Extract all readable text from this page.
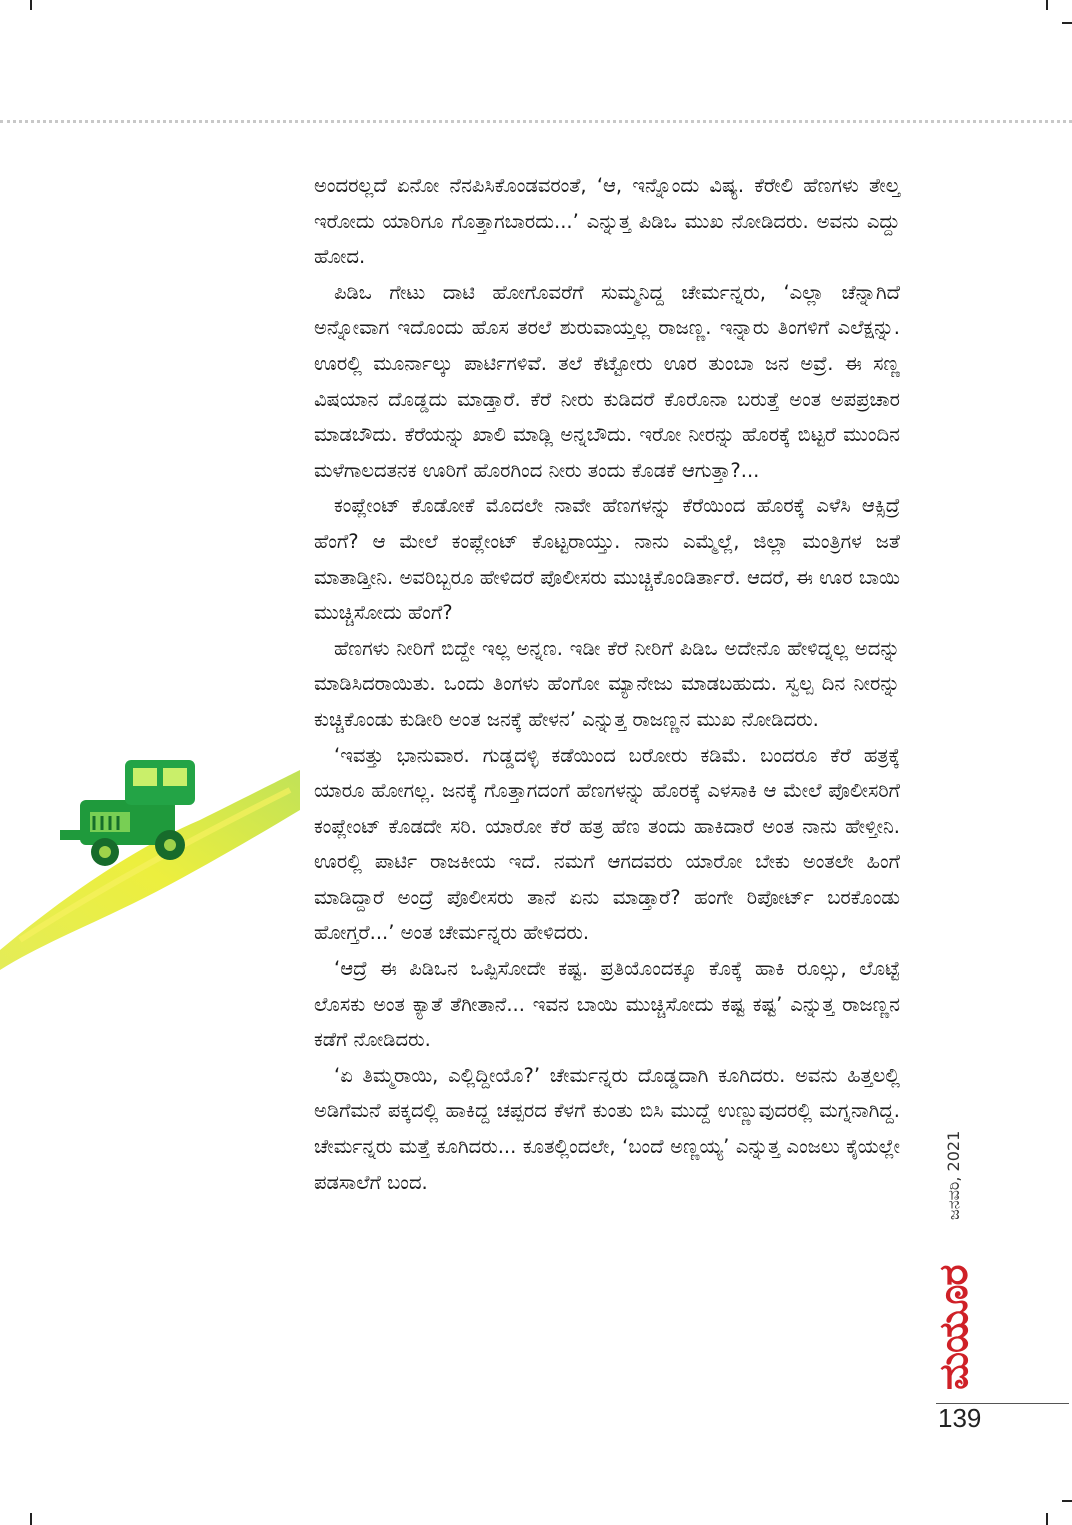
ಅಂದರಲ್ಲದೆ ಏನೋ ನೆನಪಿಸಿಕೊಂಡವರಂತೆ, ‘ಆ, ಇನ್ನೊಂದು ವಿಷ್ಯ. ಕೆರೇಲಿ ಹೆಣಗಳು ತೇಲ್ತ ಇರೋದು ಯಾರಿಗೂ ಗೊತ್ತಾಗಬಾರದು...’ ಎನ್ನುತ್ತ ಪಿಡಿಒ ಮುಖ ನೋಡಿದರು. ಅವನು ಎದ್ದು ಹೋದ.

ಪಿಡಿಒ ಗೇಟು ದಾಟಿ ಹೋಗೊವರೆಗೆ ಸುಮ್ಮನಿದ್ದ ಚೇರ್ಮನ್ನರು, ‘ಎಲ್ಲಾ ಚೆನ್ನಾಗಿದೆ ಅನ್ನೋವಾಗ ಇದೊಂದು ಹೊಸ ತರಲೆ ಶುರುವಾಯ್ತಲ್ಲ ರಾಜಣ್ಣ. ಇನ್ನಾರು ತಿಂಗಳಿಗೆ ಎಲೆಕ್ಷನ್ನು. ಊರಲ್ಲಿ ಮೂರ್ನಾಲ್ಕು ಪಾರ್ಟಿಗಳಿವೆ. ತಲೆ ಕೆಟ್ಟೋರು ಊರ ತುಂಬಾ ಜನ ಅವ್ರೆ. ಈ ಸಣ್ಣ ವಿಷಯಾನ ದೊಡ್ಡದು ಮಾಡ್ತಾರೆ. ಕೆರೆ ನೀರು ಕುಡಿದರೆ ಕೊರೊನಾ ಬರುತ್ತೆ ಅಂತ ಅಪಪ್ರಚಾರ ಮಾಡಬೌದು. ಕೆರೆಯನ್ನು ಖಾಲಿ ಮಾಡ್ಲಿ ಅನ್ನಬೌದು. ಇರೋ ನೀರನ್ನು ಹೊರಕ್ಕೆ ಬಿಟ್ಟರೆ ಮುಂದಿನ ಮಳೆಗಾಲದತನಕ ಊರಿಗೆ ಹೊರಗಿಂದ ನೀರು ತಂದು ಕೊಡಕೆ ಆಗುತ್ತಾ?...

ಕಂಪ್ಲೇಂಟ್ ಕೊಡೋಕೆ ಮೊದಲೇ ನಾವೇ ಹೆಣಗಳನ್ನು ಕೆರೆಯಿಂದ ಹೊರಕ್ಕೆ ಎಳೆಸಿ ಆಕ್ಸಿದ್ರೆ ಹೆಂಗೆ? ಆ ಮೇಲೆ ಕಂಪ್ಲೇಂಟ್ ಕೊಟ್ಟರಾಯ್ತು. ನಾನು ಎಮ್ಮೆಲ್ಲೆ, ಜಿಲ್ಲಾ ಮಂತ್ರಿಗಳ ಜತೆ ಮಾತಾಡ್ತೀನಿ. ಅವರಿಬ್ಬರೂ ಹೇಳಿದರೆ ಪೊಲೀಸರು ಮುಚ್ಚಿಕೊಂಡಿರ್ತಾರೆ. ಆದರೆ, ಈ ಊರ ಬಾಯಿ ಮುಚ್ಚಿಸೋದು ಹೆಂಗೆ?

ಹೆಣಗಳು ನೀರಿಗೆ ಬಿದ್ದೇ ಇಲ್ಲ ಅನ್ನಣ. ಇಡೀ ಕೆರೆ ನೀರಿಗೆ ಪಿಡಿಒ ಅದೇನೊ ಹೇಳಿದ್ನಲ್ಲ ಅದನ್ನು ಮಾಡಿಸಿದರಾಯಿತು. ಒಂದು ತಿಂಗಳು ಹೆಂಗೋ ಮ್ಯಾನೇಜು ಮಾಡಬಹುದು. ಸ್ವಲ್ಪ ದಿನ ನೀರನ್ನು ಕುಚ್ಚಿಕೊಂಡು ಕುಡೀರಿ ಅಂತ ಜನಕ್ಕೆ ಹೇಳನ’ ಎನ್ನುತ್ತ ರಾಜಣ್ಣನ ಮುಖ ನೋಡಿದರು.

‘ಇವತ್ತು ಭಾನುವಾರ. ಗುಡ್ಡದಳ್ಳಿ ಕಡೆಯಿಂದ ಬರೋರು ಕಡಿಮೆ. ಬಂದರೂ ಕೆರೆ ಹತ್ರಕ್ಕೆ ಯಾರೂ ಹೋಗಲ್ಲ. ಜನಕ್ಕೆ ಗೊತ್ತಾಗದಂಗೆ ಹೆಣಗಳನ್ನು ಹೊರಕ್ಕೆ ಎಳಸಾಕಿ ಆ ಮೇಲೆ ಪೊಲೀಸರಿಗೆ ಕಂಪ್ಲೇಂಟ್ ಕೊಡದೇ ಸರಿ. ಯಾರೋ ಕೆರೆ ಹತ್ರ ಹೆಣ ತಂದು ಹಾಕಿದಾರೆ ಅಂತ ನಾನು ಹೇಳ್ತೀನಿ. ಊರಲ್ಲಿ ಪಾರ್ಟಿ ರಾಜಕೀಯ ಇದೆ. ನಮಗೆ ಆಗದವರು ಯಾರೋ ಬೇಕು ಅಂತಲೇ ಹಿಂಗೆ ಮಾಡಿದ್ದಾರೆ ಅಂದ್ರೆ ಪೊಲೀಸರು ತಾನೆ ಏನು ಮಾಡ್ತಾರೆ? ಹಂಗೇ ರಿಪೋರ್ಟ್ ಬರಕೊಂಡು ಹೋಗ್ತರೆ...’ ಅಂತ ಚೇರ್ಮನ್ನರು ಹೇಳಿದರು.

‘ಆದ್ರೆ ಈ ಪಿಡಿಒನ ಒಪ್ಪಿಸೋದೇ ಕಷ್ಟ. ಪ್ರತಿಯೊಂದಕ್ಕೂ ಕೊಕ್ಕೆ ಹಾಕಿ ರೂಲ್ಸು, ಲೊಟ್ಟೆ ಲೊಸಕು ಅಂತ ಕ್ಯಾತೆ ತೆಗೀತಾನೆ... ಇವನ ಬಾಯಿ ಮುಚ್ಚಿಸೋದು ಕಷ್ಟ ಕಷ್ಟ’ ಎನ್ನುತ್ತ ರಾಜಣ್ಣನ ಕಡೆಗೆ ನೋಡಿದರು.

‘ಏ ತಿಮ್ಮರಾಯಿ, ಎಲ್ಲಿದ್ದೀಯೊ?’ ಚೇರ್ಮನ್ನರು ದೊಡ್ಡದಾಗಿ ಕೂಗಿದರು. ಅವನು ಹಿತ್ತಲಲ್ಲಿ ಅಡಿಗೆಮನೆ ಪಕ್ಕದಲ್ಲಿ ಹಾಕಿದ್ದ ಚಪ್ಪರದ ಕೆಳಗೆ ಕುಂತು ಬಿಸಿ ಮುದ್ದೆ ಉಣ್ಣುವುದರಲ್ಲಿ ಮಗ್ನನಾಗಿದ್ದ. ಚೇರ್ಮನ್ನರು ಮತ್ತೆ ಕೂಗಿದರು... ಕೂತಲ್ಲಿಂದಲೇ, ‘ಬಂದೆ ಅಣ್ಣಯ್ಯ’ ಎನ್ನುತ್ತ ಎಂಜಲು ಕೈಯಲ್ಲೇ ಪಡಸಾಲೆಗೆ ಬಂದ.	ಜನವರಿ, 2021
ಮಯೂರ
139
